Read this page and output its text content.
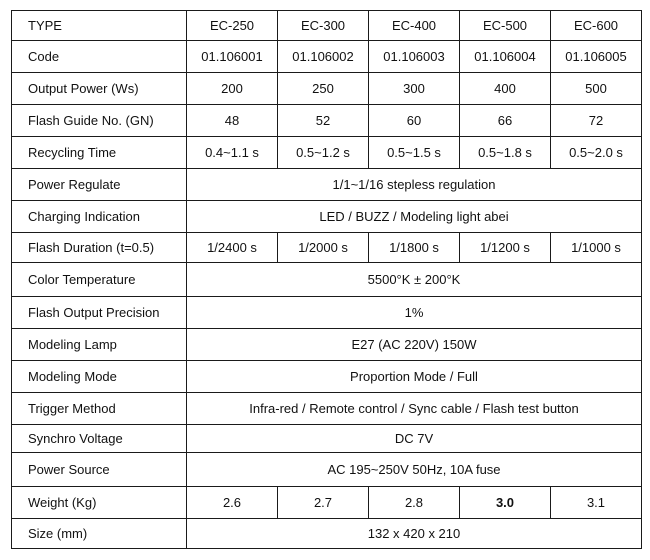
TYPE	EC-250	EC-300	EC-400	EC-500	EC-600
Code	01.106001	01.106002	01.106003	01.106004	01.106005
Output Power (Ws)	200	250	300	400	500
Flash Guide No. (GN)	48	52	60	66	72
Recycling Time	0.4~1.1 s	0.5~1.2 s	0.5~1.5 s	0.5~1.8 s	0.5~2.0 s
Power Regulate	1/1~1/16 stepless regulation				
Charging Indication	LED / BUZZ / Modeling light abei				
Flash Duration (t=0.5)	1/2400 s	1/2000 s	1/1800 s	1/1200 s	1/1000 s
Color Temperature	5500°K ± 200°K				
Flash Output Precision	1%				
Modeling Lamp	E27 (AC 220V) 150W				
Modeling Mode	Proportion Mode / Full				
Trigger Method	Infra-red / Remote control / Sync cable / Flash test button				
Synchro Voltage	DC 7V				
Power Source	AC 195~250V 50Hz, 10A fuse				
Weight (Kg)	2.6	2.7	2.8	3.0	3.1
Size (mm)	132 x 420 x 210				
